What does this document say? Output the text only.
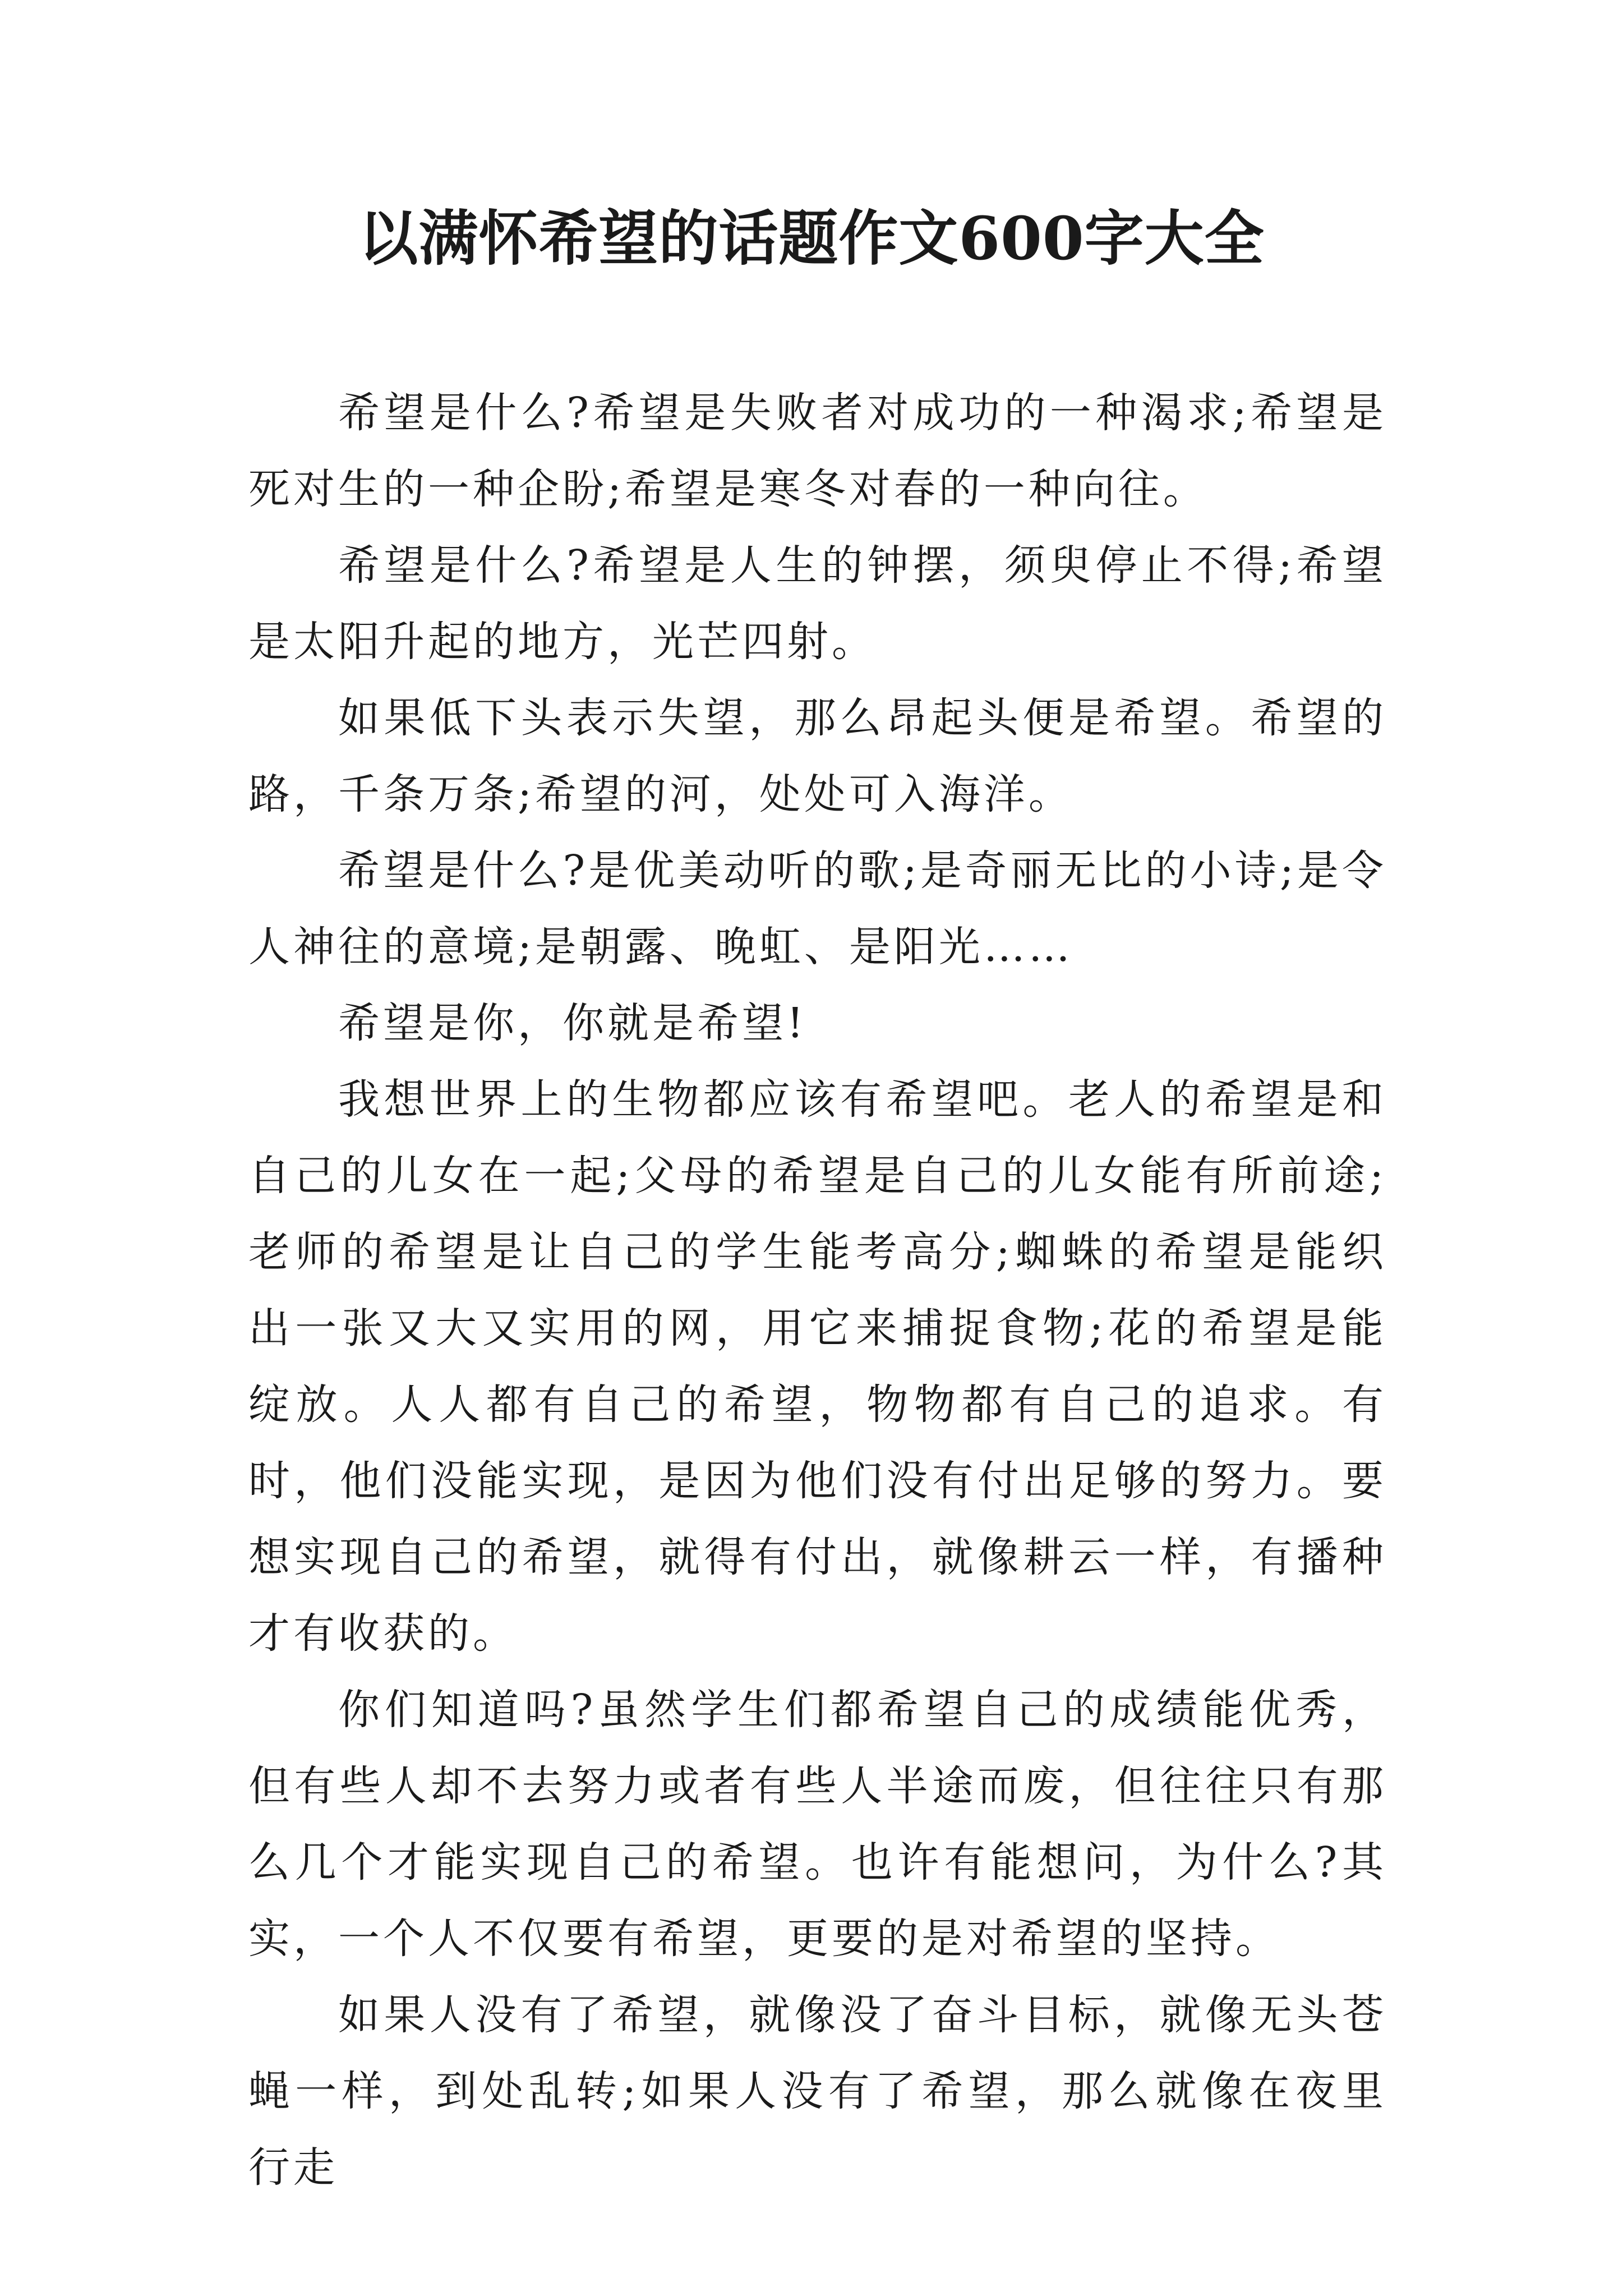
以满怀希望的话题作文600字大全

希望是什么?希望是失败者对成功的一种渴求;希望是死对生的一种企盼;希望是寒冬对春的一种向往。

希望是什么?希望是人生的钟摆，须臾停止不得;希望是太阳升起的地方，光芒四射。

如果低下头表示失望，那么昂起头便是希望。希望的路，千条万条;希望的河，处处可入海洋。

希望是什么?是优美动听的歌;是奇丽无比的小诗;是令人神往的意境;是朝露、晚虹、是阳光……

希望是你，你就是希望!

我想世界上的生物都应该有希望吧。老人的希望是和自己的儿女在一起;父母的希望是自己的儿女能有所前途;老师的希望是让自己的学生能考高分;蜘蛛的希望是能织出一张又大又实用的网，用它来捕捉食物;花的希望是能绽放。人人都有自己的希望，物物都有自己的追求。有时，他们没能实现，是因为他们没有付出足够的努力。要想实现自己的希望，就得有付出，就像耕云一样，有播种才有收获的。

你们知道吗?虽然学生们都希望自己的成绩能优秀，但有些人却不去努力或者有些人半途而废，但往往只有那么几个才能实现自己的希望。也许有能想问，为什么?其实，一个人不仅要有希望，更要的是对希望的坚持。

如果人没有了希望，就像没了奋斗目标，就像无头苍蝇一样，到处乱转;如果人没有了希望，那么就像在夜里行走
